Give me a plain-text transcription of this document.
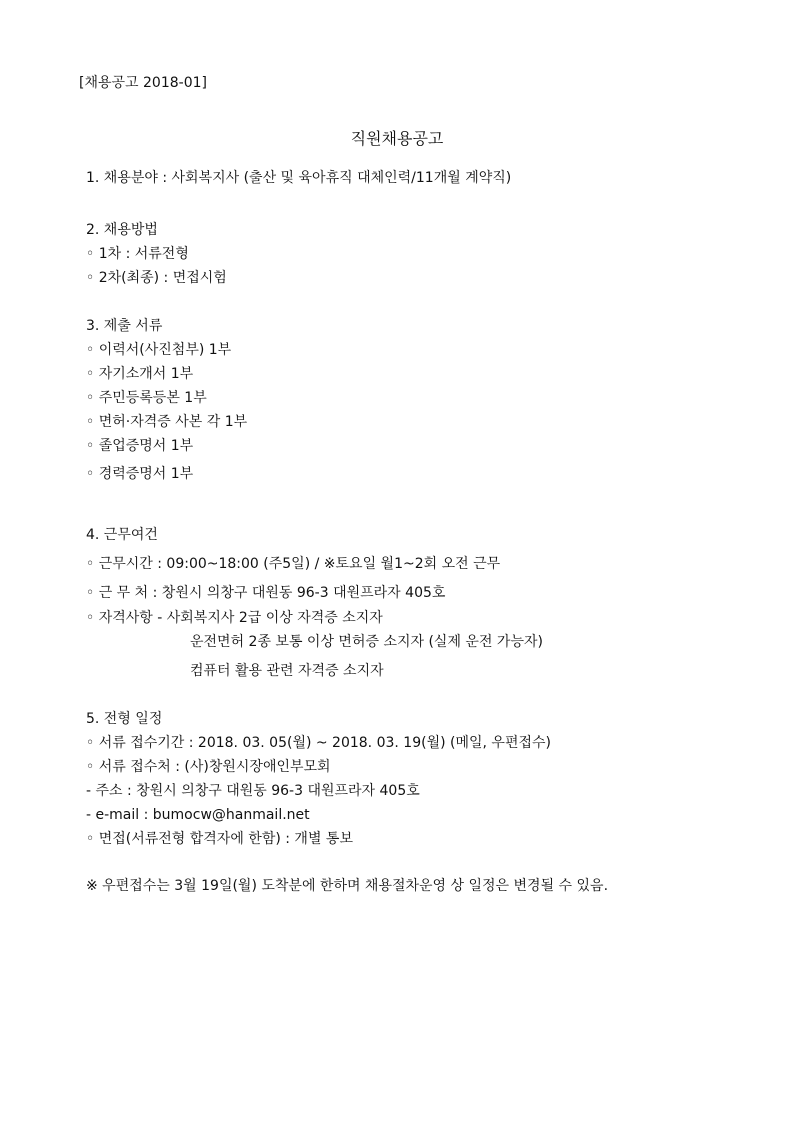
[채용공고 2018-01]

직원채용공고

1. 채용분야 : 사회복지사 (출산 및 육아휴직 대체인력/11개월 계약직)

2. 채용방법

◦ 1차 : 서류전형

◦ 2차(최종) : 면접시험

3. 제출 서류

◦ 이력서(사진첨부) 1부

◦ 자기소개서 1부

◦ 주민등록등본 1부

◦ 면허·자격증 사본 각 1부

◦ 졸업증명서 1부

◦ 경력증명서 1부

4. 근무여건

◦ 근무시간 : 09:00~18:00 (주5일) / ※토요일 월1~2회 오전 근무

◦ 근 무 처 : 창원시 의창구 대원동 96-3 대원프라자 405호

◦ 자격사항 - 사회복지사 2급 이상 자격증 소지자

운전면허 2종 보통 이상 면허증 소지자 (실제 운전 가능자)

컴퓨터 활용 관련 자격증 소지자

5. 전형 일정

◦ 서류 접수기간 : 2018. 03. 05(월) ~ 2018. 03. 19(월) (메일, 우편접수)

◦ 서류 접수처 : (사)창원시장애인부모회

- 주소 : 창원시 의창구 대원동 96-3 대원프라자 405호

- e-mail : bumocw@hanmail.net

◦ 면접(서류전형 합격자에 한함) : 개별 통보

※ 우편접수는 3월 19일(월) 도착분에 한하며 채용절차운영 상 일정은 변경될 수 있음.
